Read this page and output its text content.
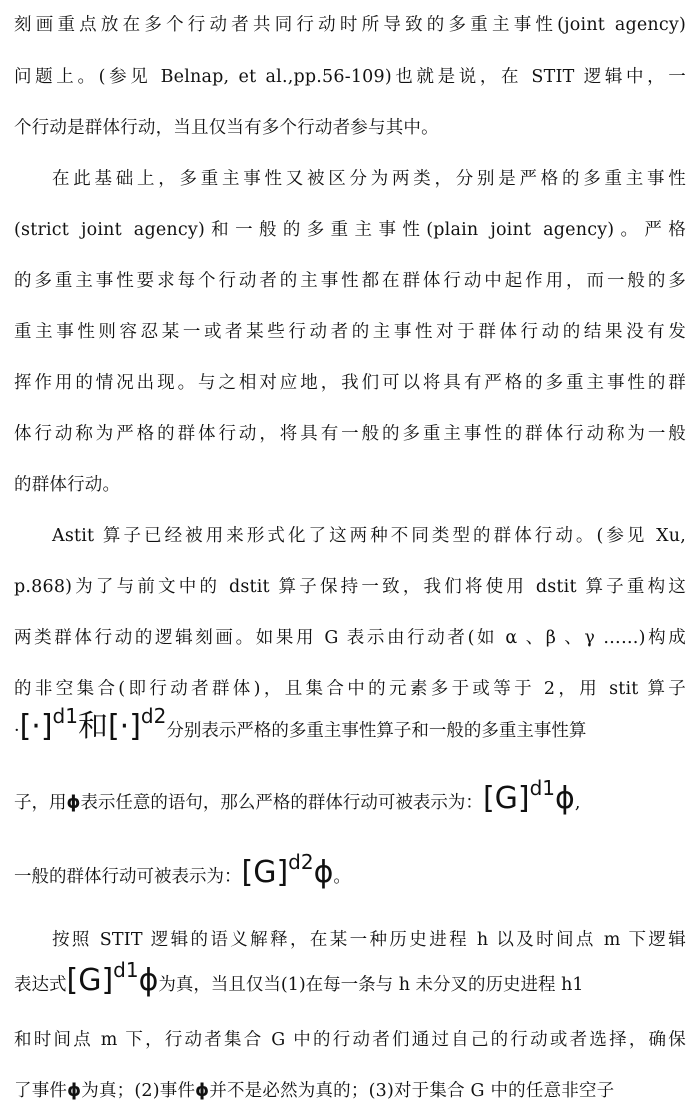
刻画重点放在多个行动者共同行动时所导致的多重主事性(joint agency)
问题上。(参见 Belnap, et al.,pp.56-109)也就是说，在 STIT 逻辑中，一
个行动是群体行动，当且仅当有多个行动者参与其中。
在此基础上，多重主事性又被区分为两类，分别是严格的多重主事性
(strict joint agency)和一般的多重主事性(plain joint agency)。严格
的多重主事性要求每个行动者的主事性都在群体行动中起作用，而一般的多
重主事性则容忍某一或者某些行动者的主事性对于群体行动的结果没有发
挥作用的情况出现。与之相对应地，我们可以将具有严格的多重主事性的群
体行动称为严格的群体行动，将具有一般的多重主事性的群体行动称为一般
的群体行动。
Astit 算子已经被用来形式化了这两种不同类型的群体行动。(参见 Xu,
p.868)为了与前文中的 dstit 算子保持一致，我们将使用 dstit 算子重构这
两类群体行动的逻辑刻画。如果用 G 表示由行动者(如 α 、β 、γ ……)构成
的非空集合(即行动者群体)，且集合中的元素多于或等于 2，用 stit 算子
$\cdot[\cdot]^{d1}$和$[\cdot]^{d2}$分别表示严格的多重主事性算子和一般的多重主事性算
子，用ϕ表示任意的语句，那么严格的群体行动可被表示为：$[G]^{d1}\phi$,
一般的群体行动可被表示为：$[G]^{d2}\phi$。
按照 STIT 逻辑的语义解释，在某一种历史进程 h 以及时间点 m 下逻辑
表达式$[G]^{d1}\phi$为真，当且仅当(1)在每一条与 h 未分叉的历史进程 h1
和时间点 m 下，行动者集合 G 中的行动者们通过自己的行动或者选择，确保
了事件ϕ为真；(2)事件ϕ并不是必然为真的；(3)对于集合 G 中的任意非空子
